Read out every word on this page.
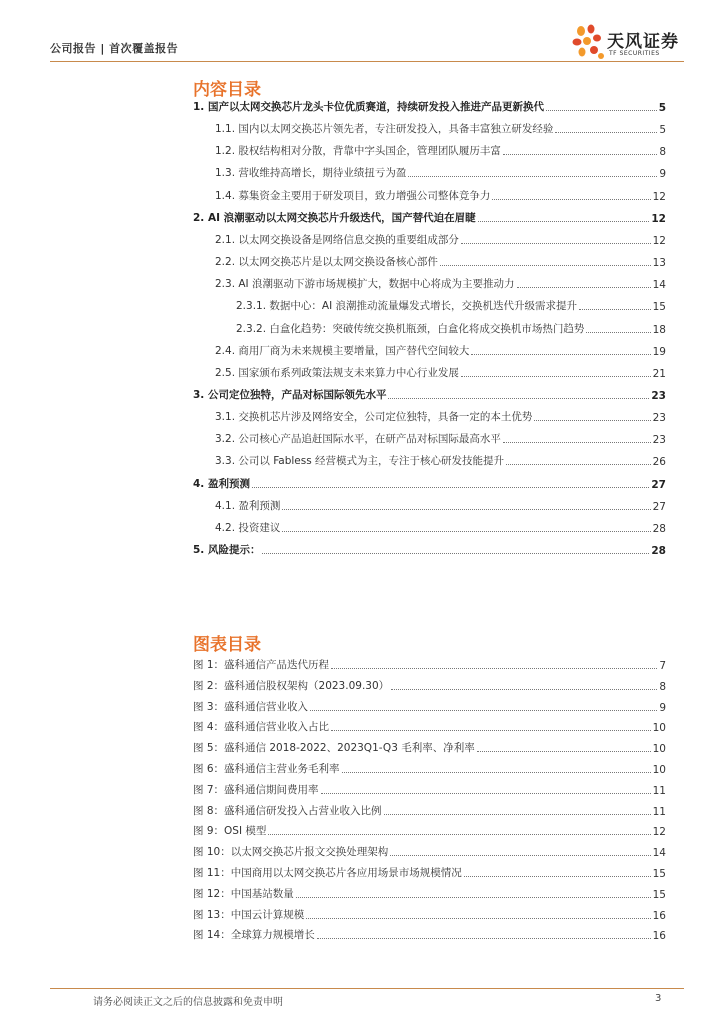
公司报告 | 首次覆盖报告	天风证券
TF SECURITIES
内容目录
1. 国产以太网交换芯片龙头卡位优质赛道，持续研发投入推进产品更新换代	5
1.1. 国内以太网交换芯片领先者，专注研发投入，具备丰富独立研发经验	5
1.2. 股权结构相对分散，背靠中字头国企，管理团队履历丰富	8
1.3. 营收维持高增长，期待业绩扭亏为盈	9
1.4. 募集资金主要用于研发项目，致力增强公司整体竞争力	12
2. AI 浪潮驱动以太网交换芯片升级迭代，国产替代迫在眉睫	12
2.1. 以太网交换设备是网络信息交换的重要组成部分	12
2.2. 以太网交换芯片是以太网交换设备核心部件	13
2.3. AI 浪潮驱动下游市场规模扩大，数据中心将成为主要推动力	14
2.3.1. 数据中心：AI 浪潮推动流量爆发式增长，交换机迭代升级需求提升	15
2.3.2. 白盒化趋势：突破传统交换机瓶颈，白盒化将成交换机市场热门趋势	18
2.4. 商用厂商为未来规模主要增量，国产替代空间较大	19
2.5. 国家颁布系列政策法规支未来算力中心行业发展	21
3. 公司定位独特，产品对标国际领先水平	23
3.1. 交换机芯片涉及网络安全，公司定位独特，具备一定的本土优势	23
3.2. 公司核心产品追赶国际水平，在研产品对标国际最高水平	23
3.3. 公司以 Fabless 经营模式为主，专注于核心研发技能提升	26
4. 盈利预测	27
4.1. 盈利预测	27
4.2. 投资建议	28
5. 风险提示：	28
图表目录
图 1：盛科通信产品迭代历程	7
图 2：盛科通信股权架构（2023.09.30）	8
图 3：盛科通信营业收入	9
图 4：盛科通信营业收入占比	10
图 5：盛科通信 2018-2022、2023Q1-Q3 毛利率、净利率	10
图 6：盛科通信主营业务毛利率	10
图 7：盛科通信期间费用率	11
图 8：盛科通信研发投入占营业收入比例	11
图 9：OSI 模型	12
图 10：以太网交换芯片报文交换处理架构	14
图 11：中国商用以太网交换芯片各应用场景市场规模情况	15
图 12：中国基站数量	15
图 13：中国云计算规模	16
图 14：全球算力规模增长	16
请务必阅读正文之后的信息披露和免责申明	3
